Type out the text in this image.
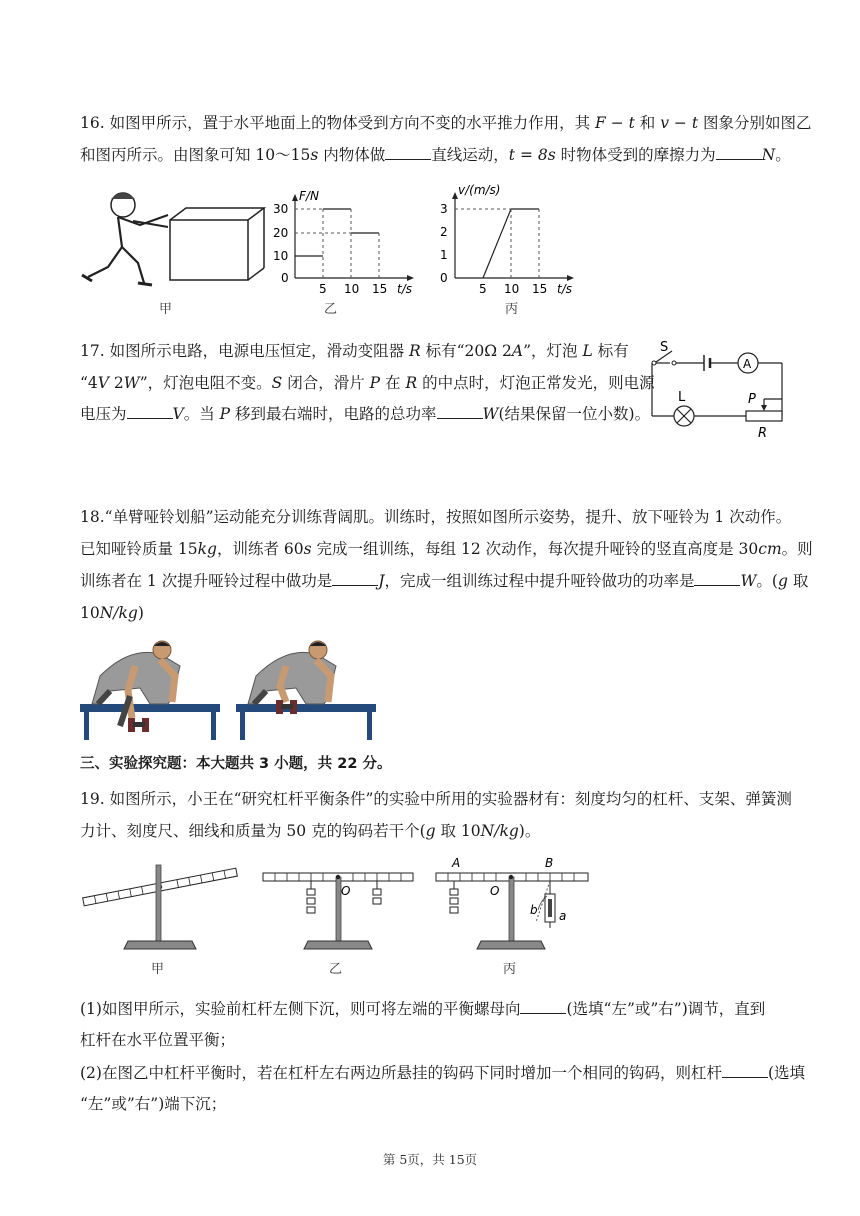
16. 如图甲所示，置于水平地面上的物体受到方向不变的水平推力作用，其 F − t 和 v − t 图象分别如图乙
和图丙所示。由图象可知 10～15s 内物体做	直线运动，t = 8s 时物体受到的摩擦力为	N。
甲
F/N
t/s
30
20
10
0
5 10 15
乙
v/(m/s)
t/s
3
2
1
0
5 10 15
丙
17. 如图所示电路，电源电压恒定，滑动变阻器 R 标有“20Ω 2A”，灯泡 L 标有
“4V 2W”，灯泡电阻不变。S 闭合，滑片 P 在 R 的中点时，灯泡正常发光，则电源
电压为	V。当 P 移到最右端时，电路的总功率	W(结果保留一位小数)。
S
A
L	P
R
18.“单臂哑铃划船”运动能充分训练背阔肌。训练时，按照如图所示姿势，提升、放下哑铃为 1 次动作。
已知哑铃质量 15kg，训练者 60s 完成一组训练，每组 12 次动作，每次提升哑铃的竖直高度是 30cm。则
训练者在 1 次提升哑铃过程中做功是	J，完成一组训练过程中提升哑铃做功的功率是	W。(g 取
10N/kg)
三、实验探究题：本大题共 3 小题，共 22 分。
19. 如图所示，小王在“研究杠杆平衡条件”的实验中所用的实验器材有：刻度均匀的杠杆、支架、弹簧测
力计、刻度尺、细线和质量为 50 克的钩码若干个(g 取 10N/kg)。
甲
O
乙
O
A	B
b a
丙
(1)如图甲所示，实验前杠杆左侧下沉，则可将左端的平衡螺母向	(选填“左”或”右”)调节，直到
杠杆在水平位置平衡；
(2)在图乙中杠杆平衡时，若在杠杆左右两边所悬挂的钩码下同时增加一个相同的钩码，则杠杆	(选填
“左”或”右”)端下沉；
第 5页，共 15页
